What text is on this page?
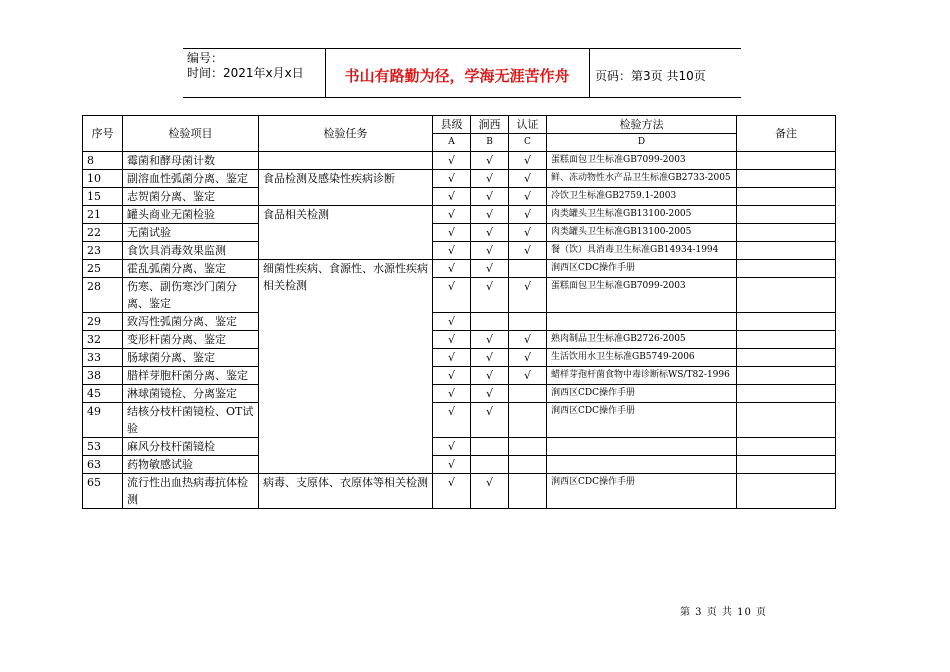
编号：
时间：2021年x月x日	书山有路勤为径，学海无涯苦作舟	页码：第3页 共10页
序号	检验项目	检验任务	县级	涧西	认证	检验方法	备注
			A	B	C	D	
8	霉菌和酵母菌计数		√	√	√	蛋糕面包卫生标准GB7099-2003	
10	副溶血性弧菌分离、鉴定	食品检测及感染性疾病诊断	√	√	√	鲜、冻动物性水产品卫生标准GB2733-2005	
15	志贺菌分离、鉴定		√	√	√	冷饮卫生标准GB2759.1-2003	
21	罐头商业无菌检验	食品相关检测	√	√	√	肉类罐头卫生标准GB13100-2005	
22	无菌试验		√	√	√	肉类罐头卫生标准GB13100-2005	
23	食饮具消毒效果监测		√	√	√	餐（饮）具消毒卫生标准GB14934-1994	
25	霍乱弧菌分离、鉴定	细菌性疾病、食源性、水源性疾病相关检测	√	√		涧西区CDC操作手册	
28	伤寒、副伤寒沙门菌分离、鉴定		√	√	√	蛋糕面包卫生标准GB7099-2003	
29	致泻性弧菌分离、鉴定		√				
32	变形杆菌分离、鉴定		√	√	√	熟肉制品卫生标准GB2726-2005	
33	肠球菌分离、鉴定		√	√	√	生活饮用水卫生标准GB5749-2006	
38	腊样芽胞杆菌分离、鉴定		√	√	√	蜡样芽孢杆菌食物中毒诊断标WS/T82-1996	
45	淋球菌镜检、分离鉴定		√	√		涧西区CDC操作手册	
49	结核分枝杆菌镜检、OT试验		√	√		涧西区CDC操作手册	
53	麻风分枝杆菌镜检		√				
63	药物敏感试验		√				
65	流行性出血热病毒抗体检测	病毒、支原体、衣原体等相关检测	√	√		涧西区CDC操作手册	
第 3 页 共 10 页
